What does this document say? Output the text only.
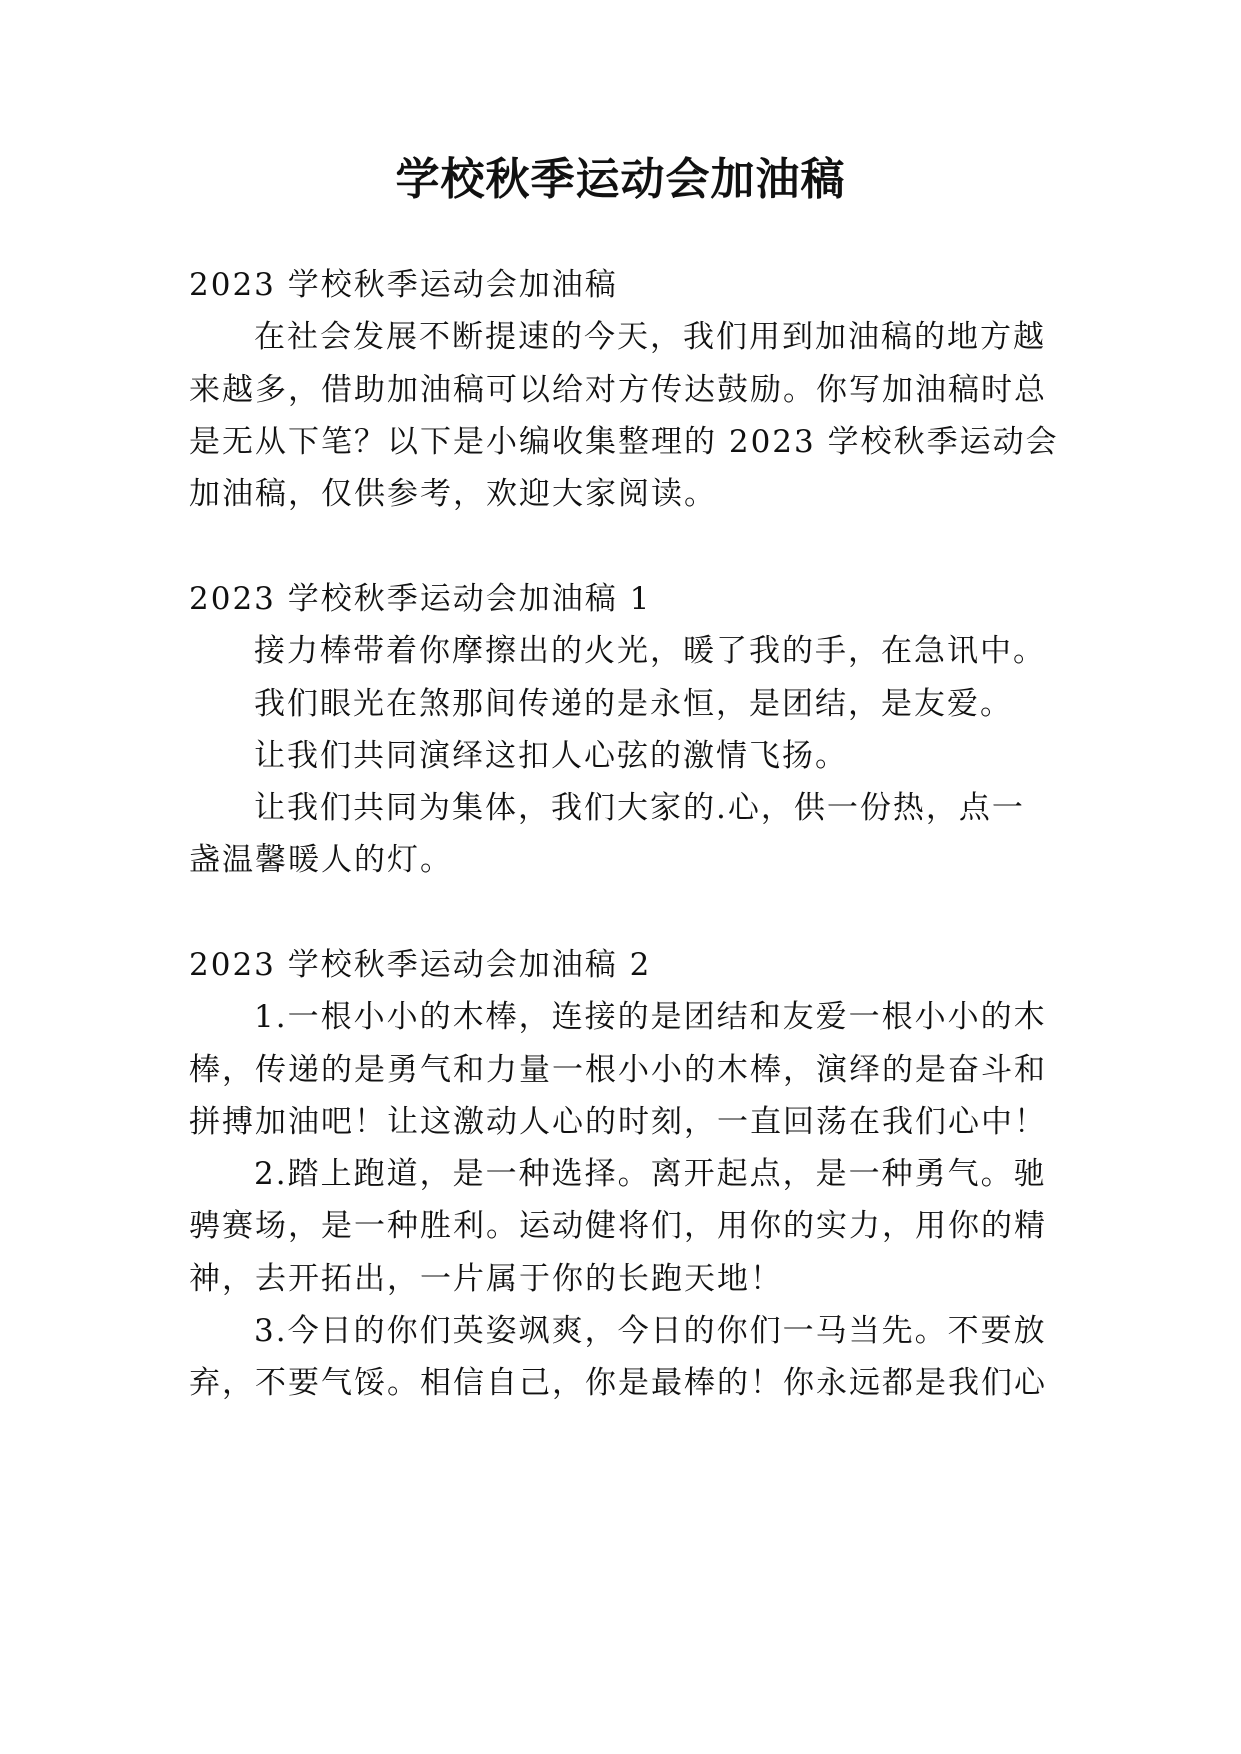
学校秋季运动会加油稿

2023 学校秋季运动会加油稿

在社会发展不断提速的今天，我们用到加油稿的地方越

来越多，借助加油稿可以给对方传达鼓励。你写加油稿时总

是无从下笔？以下是小编收集整理的 2023 学校秋季运动会

加油稿，仅供参考，欢迎大家阅读。

2023 学校秋季运动会加油稿 1

接力棒带着你摩擦出的火光，暖了我的手，在急讯中。

我们眼光在煞那间传递的是永恒，是团结，是友爱。

让我们共同演绎这扣人心弦的激情飞扬。

让我们共同为集体，我们大家的.心，供一份热，点一

盏温馨暖人的灯。

2023 学校秋季运动会加油稿 2

1.一根小小的木棒，连接的是团结和友爱一根小小的木

棒，传递的是勇气和力量一根小小的木棒，演绎的是奋斗和

拼搏加油吧！让这激动人心的时刻，一直回荡在我们心中！

2.踏上跑道，是一种选择。离开起点，是一种勇气。驰

骋赛场，是一种胜利。运动健将们，用你的实力，用你的精

神，去开拓出，一片属于你的长跑天地！

3.今日的你们英姿飒爽，今日的你们一马当先。不要放

弃，不要气馁。相信自己，你是最棒的！你永远都是我们心
